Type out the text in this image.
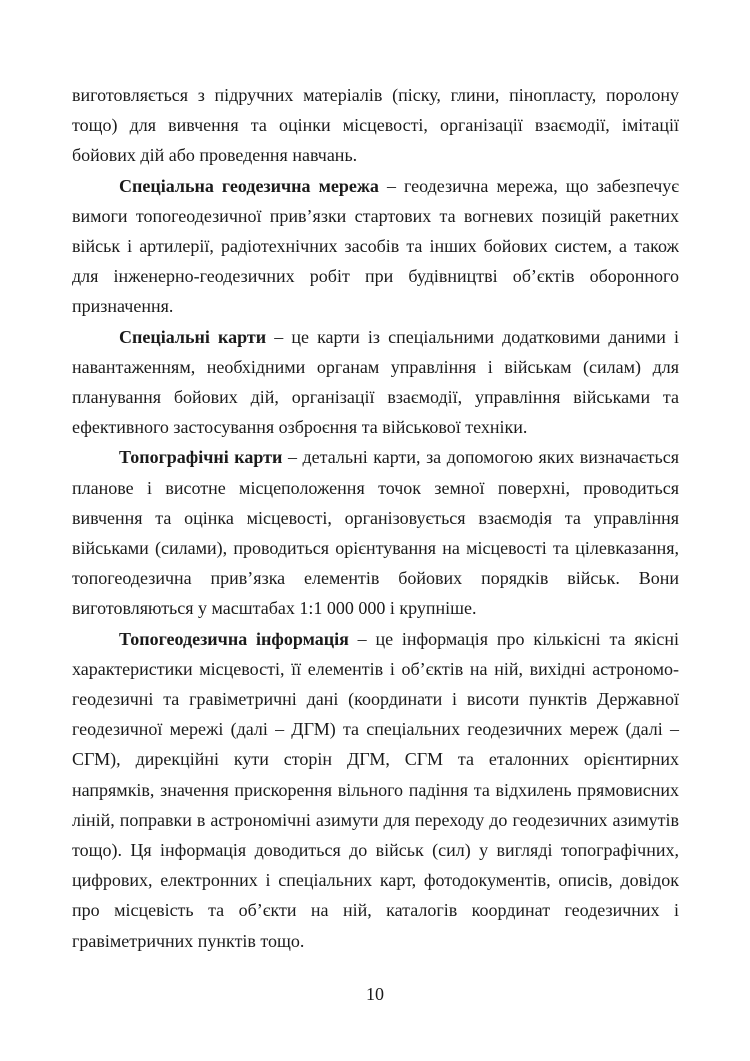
виготовляється з підручних матеріалів (піску, глини, пінопласту, поролону тощо) для вивчення та оцінки місцевості, організації взаємодії, імітації бойових дій або проведення навчань.

Спеціальна геодезична мережа – геодезична мережа, що забезпечує вимоги топогеодезичної прив’язки стартових та вогневих позицій ракетних військ і артилерії, радіотехнічних засобів та інших бойових систем, а також для інженерно-геодезичних робіт при будівництві об’єктів оборонного призначення.

Спеціальні карти – це карти із спеціальними додатковими даними і навантаженням, необхідними органам управління і військам (силам) для планування бойових дій, організації взаємодії, управління військами та ефективного застосування озброєння та військової техніки.

Топографічні карти – детальні карти, за допомогою яких визначається планове і висотне місцеположення точок земної поверхні, проводиться вивчення та оцінка місцевості, організовується взаємодія та управління військами (силами), проводиться орієнтування на місцевості та цілевказання, топогеодезична прив’язка елементів бойових порядків військ. Вони виготовляються у масштабах 1:1 000 000 і крупніше.

Топогеодезична інформація – це інформація про кількісні та якісні характеристики місцевості, її елементів і об’єктів на ній, вихідні астрономо-геодезичні та гравіметричні дані (координати і висоти пунктів Державної геодезичної мережі (далі – ДГМ) та спеціальних геодезичних мереж (далі – СГМ), дирекційні кути сторін ДГМ, СГМ та еталонних орієнтирних напрямків, значення прискорення вільного падіння та відхилень прямовисних ліній, поправки в астрономічні азимути для переходу до геодезичних азимутів тощо). Ця інформація доводиться до військ (сил) у вигляді топографічних, цифрових, електронних і спеціальних карт, фотодокументів, описів, довідок про місцевість та об’єкти на ній, каталогів координат геодезичних і гравіметричних пунктів тощо.

10
